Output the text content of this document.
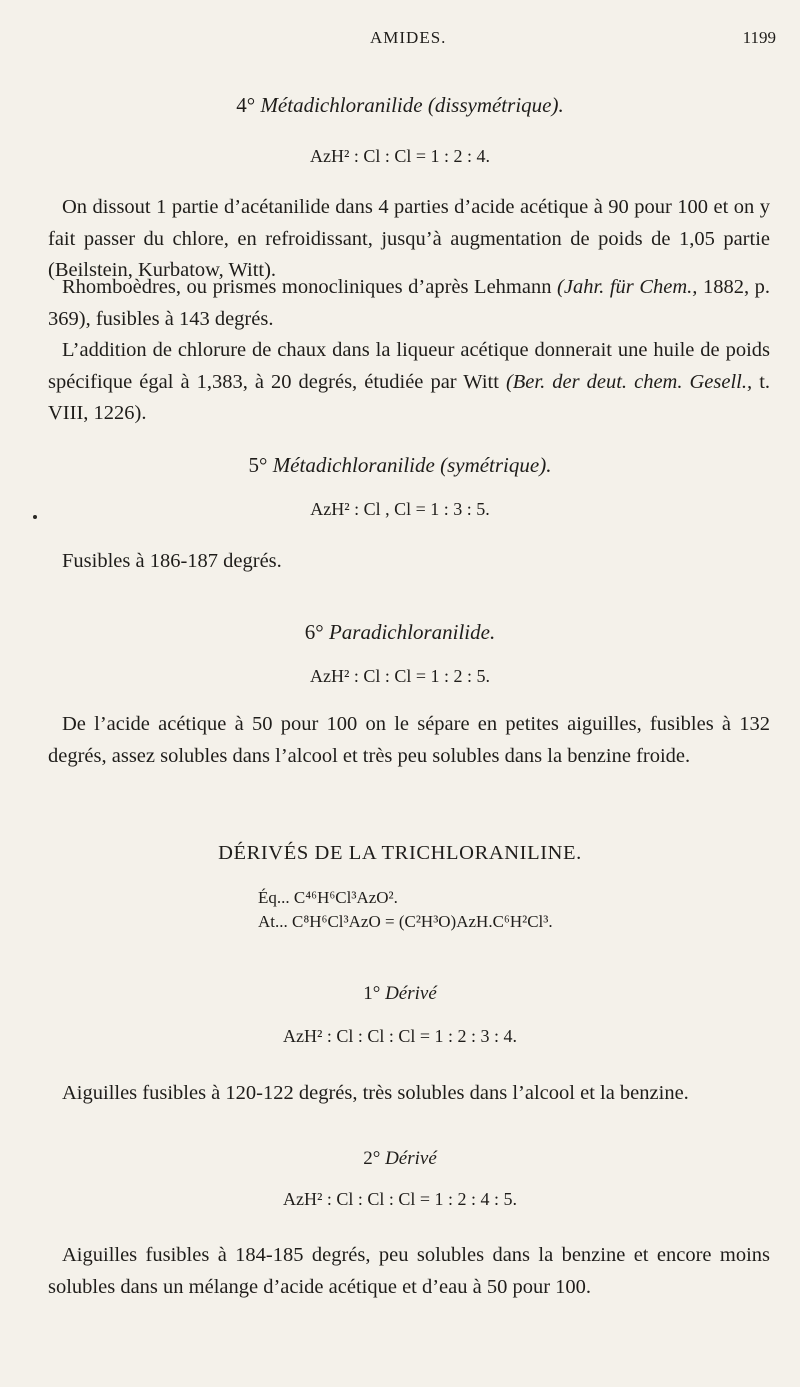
AMIDES.	1199
4° Métadichloranilide (dissymétrique).
AzH² : Cl : Cl = 1 : 2 : 4.
On dissout 1 partie d’acétanilide dans 4 parties d’acide acétique à 90 pour 100 et on y fait passer du chlore, en refroidissant, jusqu’à augmentation de poids de 1,05 partie (Beilstein, Kurbatow, Witt).
Rhomboèdres, ou prismes monocliniques d’après Lehmann (Jahr. für Chem., 1882, p. 369), fusibles à 143 degrés.
L’addition de chlorure de chaux dans la liqueur acétique donnerait une huile de poids spécifique égal à 1,383, à 20 degrés, étudiée par Witt (Ber. der deut. chem. Gesell., t. VIII, 1226).
5° Métadichloranilide (symétrique).
AzH² : Cl , Cl = 1 : 3 : 5.
Fusibles à 186-187 degrés.
6° Paradichloranilide.
AzH² : Cl : Cl = 1 : 2 : 5.
De l’acide acétique à 50 pour 100 on le sépare en petites aiguilles, fusibles à 132 degrés, assez solubles dans l’alcool et très peu solubles dans la benzine froide.
DÉRIVÉS DE LA TRICHLORANILINE.
Éq... C⁴⁶H⁶Cl³AzO².
At... C⁸H⁶Cl³AzO = (C²H³O)AzH.C⁶H²Cl³.
1° Dérivé
AzH² : Cl : Cl : Cl = 1 : 2 : 3 : 4.
Aiguilles fusibles à 120-122 degrés, très solubles dans l’alcool et la benzine.
2° Dérivé
AzH² : Cl : Cl : Cl = 1 : 2 : 4 : 5.
Aiguilles fusibles à 184-185 degrés, peu solubles dans la benzine et encore moins solubles dans un mélange d’acide acétique et d’eau à 50 pour 100.
